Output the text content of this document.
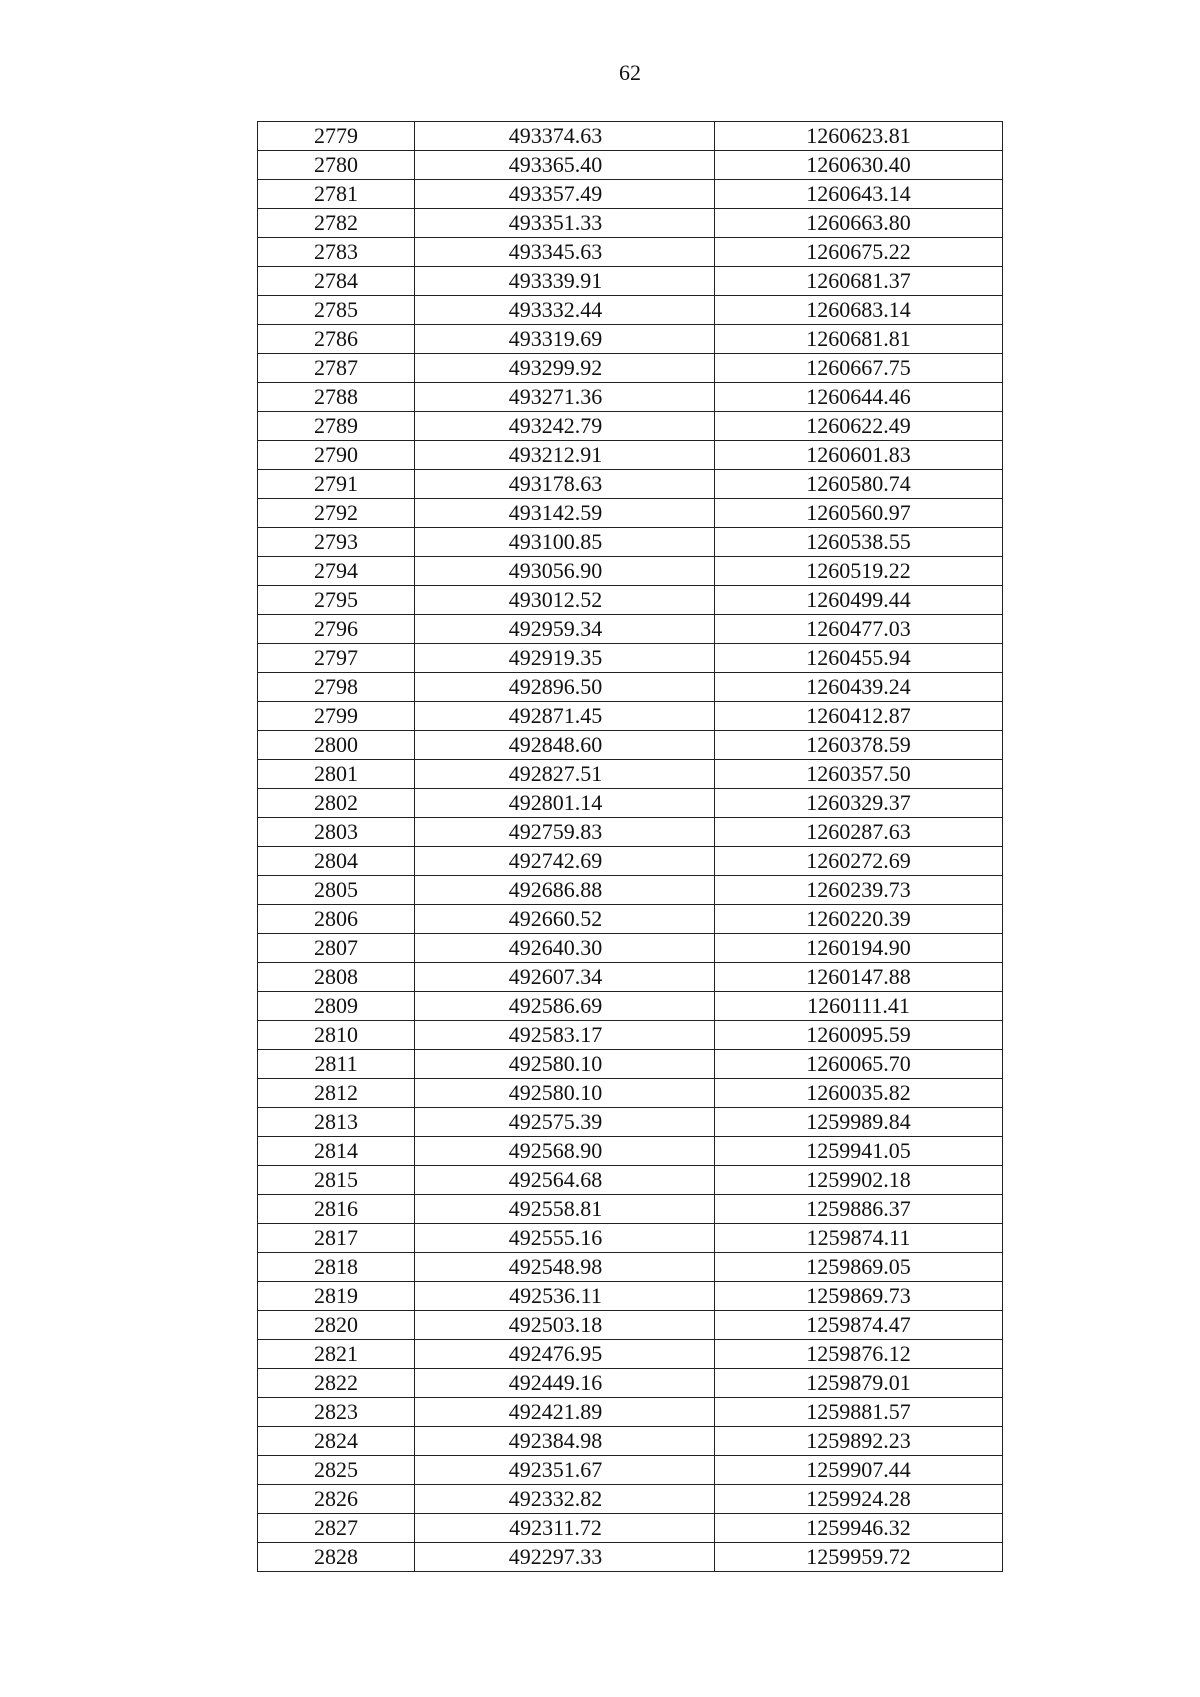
62
2779	493374.63	1260623.81
2780	493365.40	1260630.40
2781	493357.49	1260643.14
2782	493351.33	1260663.80
2783	493345.63	1260675.22
2784	493339.91	1260681.37
2785	493332.44	1260683.14
2786	493319.69	1260681.81
2787	493299.92	1260667.75
2788	493271.36	1260644.46
2789	493242.79	1260622.49
2790	493212.91	1260601.83
2791	493178.63	1260580.74
2792	493142.59	1260560.97
2793	493100.85	1260538.55
2794	493056.90	1260519.22
2795	493012.52	1260499.44
2796	492959.34	1260477.03
2797	492919.35	1260455.94
2798	492896.50	1260439.24
2799	492871.45	1260412.87
2800	492848.60	1260378.59
2801	492827.51	1260357.50
2802	492801.14	1260329.37
2803	492759.83	1260287.63
2804	492742.69	1260272.69
2805	492686.88	1260239.73
2806	492660.52	1260220.39
2807	492640.30	1260194.90
2808	492607.34	1260147.88
2809	492586.69	1260111.41
2810	492583.17	1260095.59
2811	492580.10	1260065.70
2812	492580.10	1260035.82
2813	492575.39	1259989.84
2814	492568.90	1259941.05
2815	492564.68	1259902.18
2816	492558.81	1259886.37
2817	492555.16	1259874.11
2818	492548.98	1259869.05
2819	492536.11	1259869.73
2820	492503.18	1259874.47
2821	492476.95	1259876.12
2822	492449.16	1259879.01
2823	492421.89	1259881.57
2824	492384.98	1259892.23
2825	492351.67	1259907.44
2826	492332.82	1259924.28
2827	492311.72	1259946.32
2828	492297.33	1259959.72
